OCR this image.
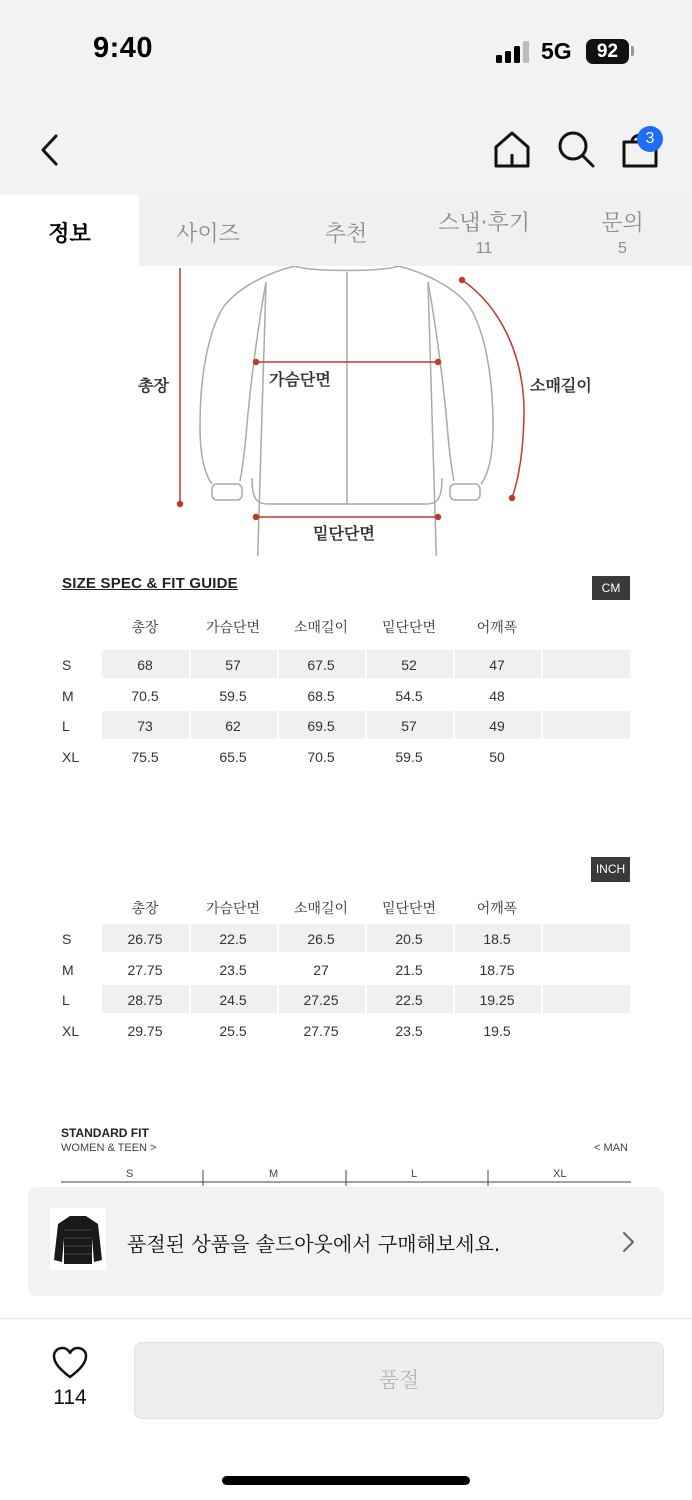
9:40	5G	92
3
정보	사이즈	추천	스냅·후기
11
문의
5
총장	가슴단면	소매길이
밑단단면
SIZE SPEC & FIT GUIDE	CM
총장	가슴단면	소매길이	밑단단면	어깨폭
S	68	57	67.5	52	47
M	70.5	59.5	68.5	54.5	48
L	73	62	69.5	57	49
XL	75.5	65.5	70.5	59.5	50
INCH
총장	가슴단면	소매길이	밑단단면	어깨폭
S	26.75	22.5	26.5	20.5	18.5
M	27.75	23.5	27	21.5	18.75
L	28.75	24.5	27.25	22.5	19.25
XL	29.75	25.5	27.75	23.5	19.5
STANDARD FIT
WOMEN & TEEN >	< MAN
S	M	L	XL
품절된 상품을 솔드아웃에서 구매해보세요.
114
품절
